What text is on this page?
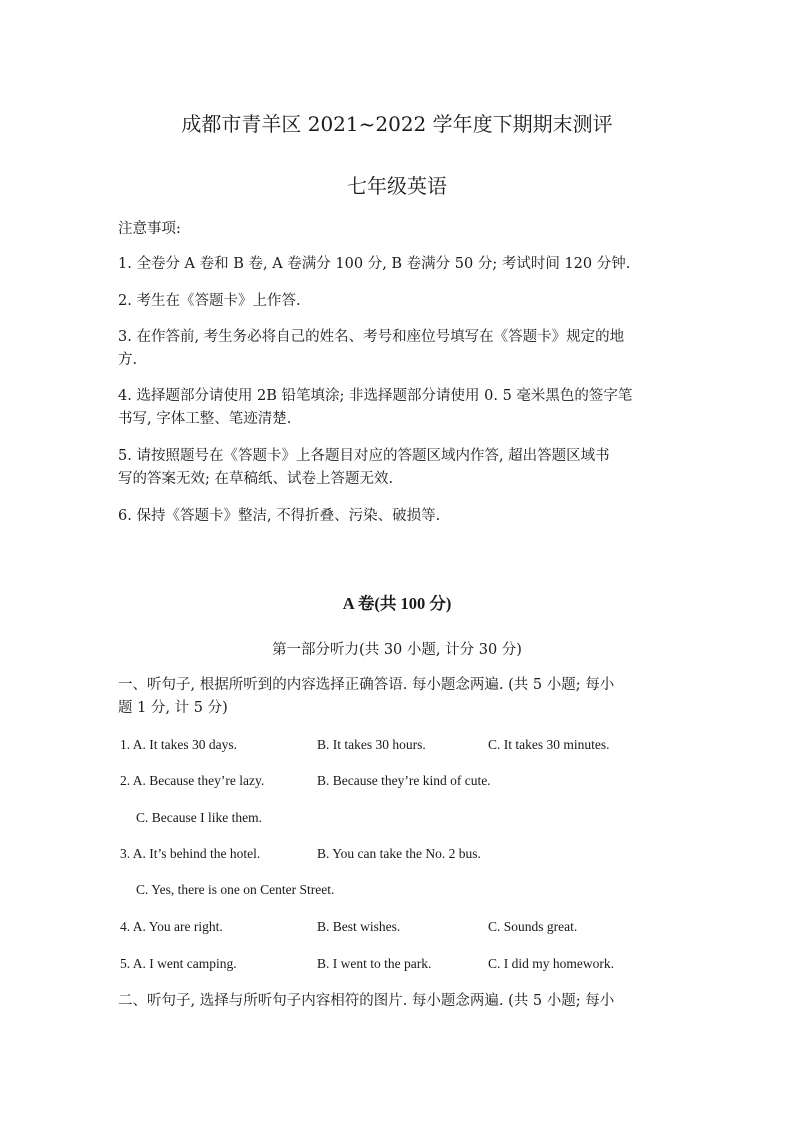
成都市青羊区 2021~2022 学年度下期期末测评
七年级英语
注意事项:
1. 全卷分 A 卷和 B 卷, A 卷满分 100 分, B 卷满分 50 分; 考试时间 120 分钟.
2. 考生在《答题卡》上作答.
3. 在作答前, 考生务必将自己的姓名、考号和座位号填写在《答题卡》规定的地
方.
4. 选择题部分请使用 2B 铅笔填涂; 非选择题部分请使用 0. 5 毫米黑色的签字笔
书写, 字体工整、笔迹清楚.
5. 请按照题号在《答题卡》上各题目对应的答题区域内作答, 超出答题区域书
写的答案无效; 在草稿纸、试卷上答题无效.
6. 保持《答题卡》整洁, 不得折叠、污染、破损等.
A 卷(共 100 分)
第一部分听力(共 30 小题, 计分 30 分)
一、听句子, 根据所听到的内容选择正确答语. 每小题念两遍. (共 5 小题; 每小
题 1 分, 计 5 分)
1. A. It takes 30 days.	B. It takes 30 hours.	C. It takes 30 minutes.
2. A. Because they’re lazy.	B. Because they’re kind of cute.
C. Because I like them.
3. A. It’s behind the hotel.	B. You can take the No. 2 bus.
C. Yes, there is one on Center Street.
4. A. You are right.	B. Best wishes.	C. Sounds great.
5. A. I went camping.	B. I went to the park.	C. I did my homework.
二、听句子, 选择与所听句子内容相符的图片. 每小题念两遍. (共 5 小题; 每小
